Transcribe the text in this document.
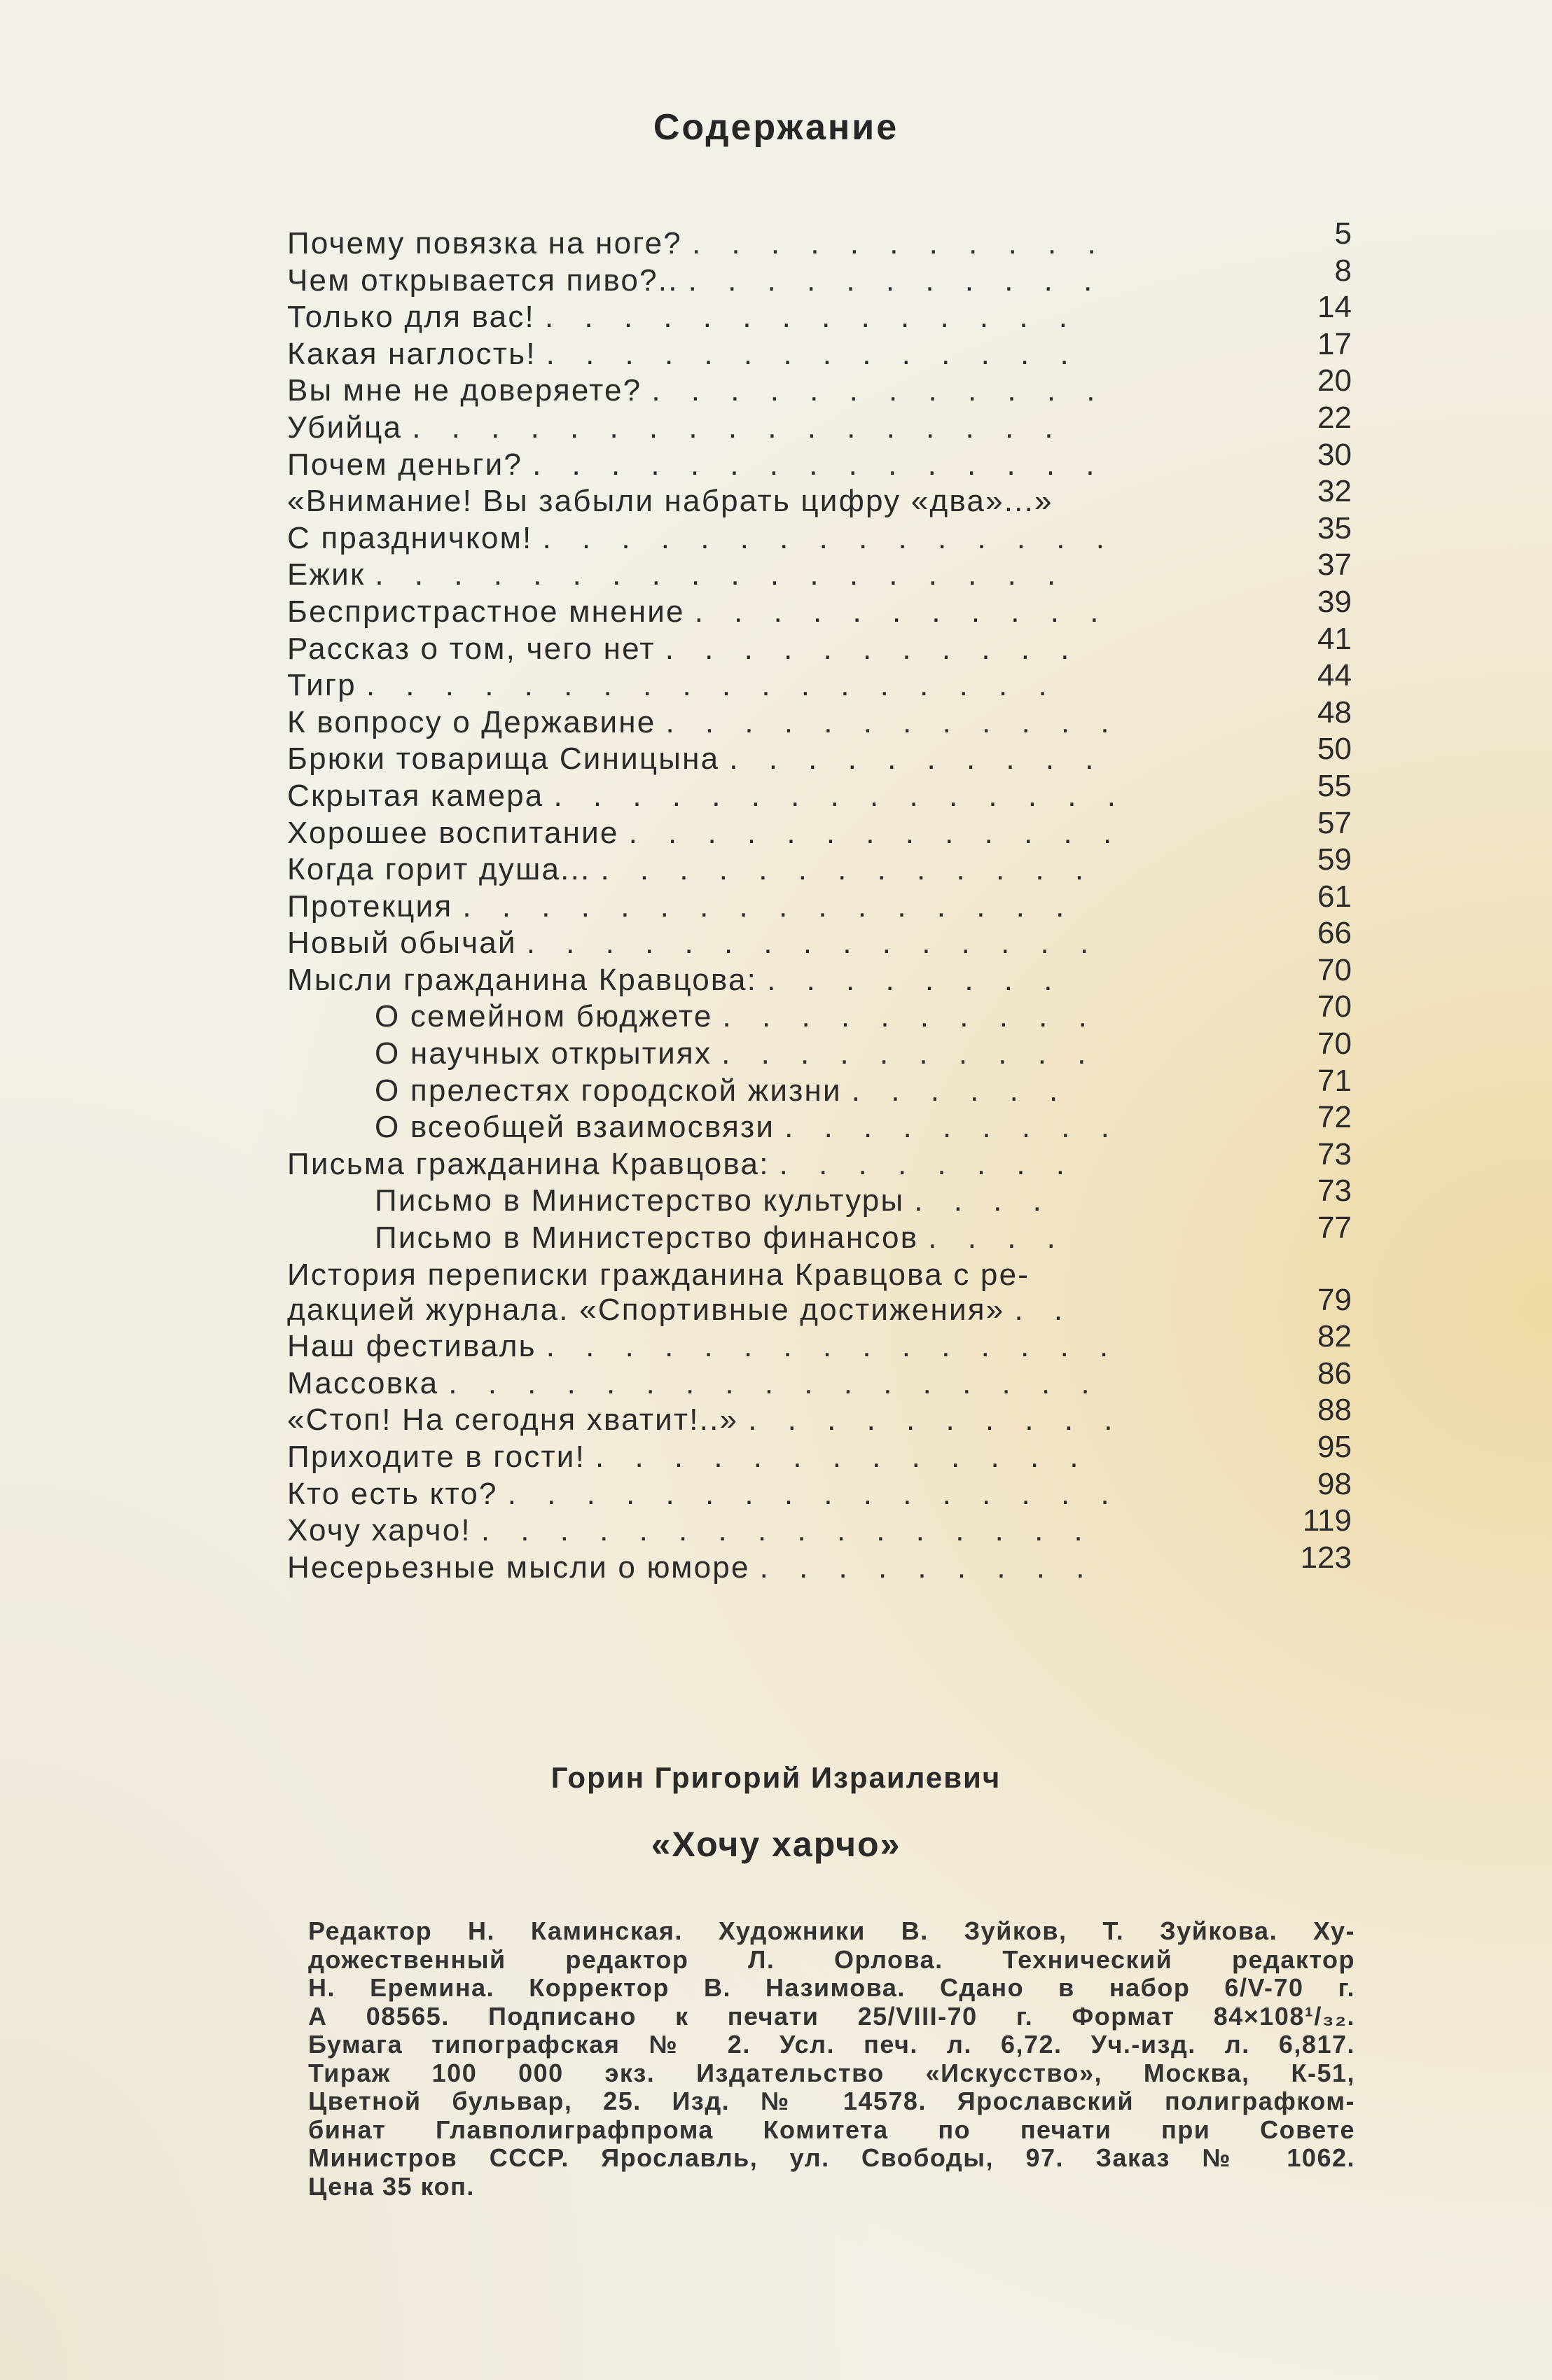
Содержание
Почему повязка на ноге? . . . . . . . . . . .	5
Чем открывается пиво?.. . . . . . . . . . . .	8
Только для вас! . . . . . . . . . . . . . .	14
Какая наглость! . . . . . . . . . . . . . .	17
Вы мне не доверяете? . . . . . . . . . . . .	20
Убийца . . . . . . . . . . . . . . . . .	22
Почем деньги? . . . . . . . . . . . . . . .	30
«Внимание! Вы забыли набрать цифру «два»...»	32
С праздничком! . . . . . . . . . . . . . . .	35
Ежик . . . . . . . . . . . . . . . . . .	37
Беспристрастное мнение . . . . . . . . . . .	39
Рассказ о том, чего нет . . . . . . . . . . .	41
Тигр . . . . . . . . . . . . . . . . . .	44
К вопросу о Державине . . . . . . . . . . . .	48
Брюки товарища Синицына . . . . . . . . . .	50
Скрытая камера . . . . . . . . . . . . . . .	55
Хорошее воспитание . . . . . . . . . . . . .	57
Когда горит душа... . . . . . . . . . . . . .	59
Протекция . . . . . . . . . . . . . . . .	61
Новый обычай . . . . . . . . . . . . . . .	66
Мысли гражданина Кравцова: . . . . . . . .	70
О семейном бюджете . . . . . . . . . .	70
О научных открытиях . . . . . . . . . .	70
О прелестях городской жизни . . . . . .	71
О всеобщей взаимосвязи . . . . . . . . .	72
Письма гражданина Кравцова: . . . . . . . .	73
Письмо в Министерство культуры . . . .	73
Письмо в Министерство финансов . . . .	77
История переписки гражданина Кравцова с ре-
дакцией журнала. «Спортивные достижения» . .	79
Наш фестиваль . . . . . . . . . . . . . . .	82
Массовка . . . . . . . . . . . . . . . . .	86
«Стоп! На сегодня хватит!..» . . . . . . . . . .	88
Приходите в гости! . . . . . . . . . . . . .	95
Кто есть кто? . . . . . . . . . . . . . . . .	98
Хочу харчо! . . . . . . . . . . . . . . . .	119
Несерьезные мысли о юморе . . . . . . . . .	123
Горин Григорий Израилевич
«Хочу харчо»
Редактор Н. Каминская. Художники В. Зуйков, Т. Зуйкова. Ху-
дожественный редактор Л. Орлова. Технический редактор
Н. Еремина. Корректор В. Назимова. Сдано в набор 6/V-70 г.
А 08565. Подписано к печати 25/VIII-70 г. Формат 84×108¹/₃₂.
Бумага типографская № 2. Усл. печ. л. 6,72. Уч.-изд. л. 6,817.
Тираж 100 000 экз. Издательство «Искусство», Москва, К-51,
Цветной бульвар, 25. Изд. № 14578. Ярославский полиграфком-
бинат Главполиграфпрома Комитета по печати при Совете
Министров СССР. Ярославль, ул. Свободы, 97. Заказ № 1062.
Цена 35 коп.
